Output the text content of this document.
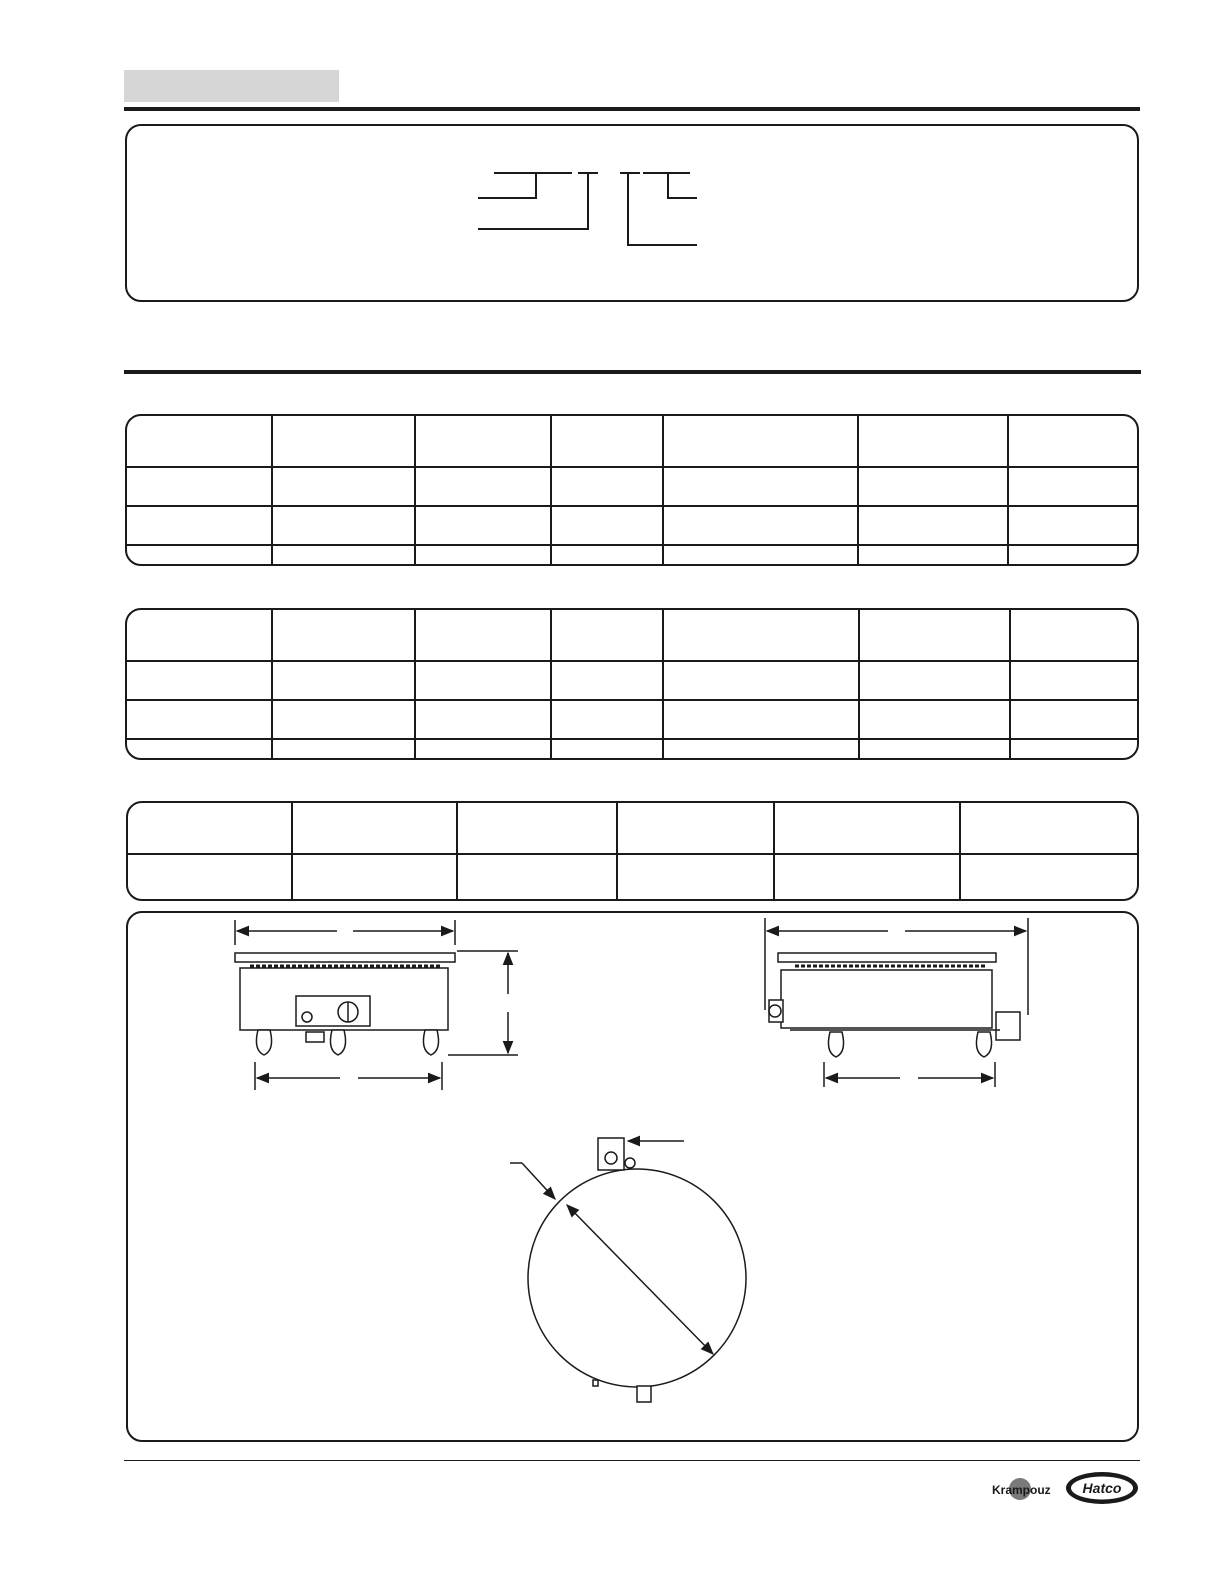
Krampouz Hatco
